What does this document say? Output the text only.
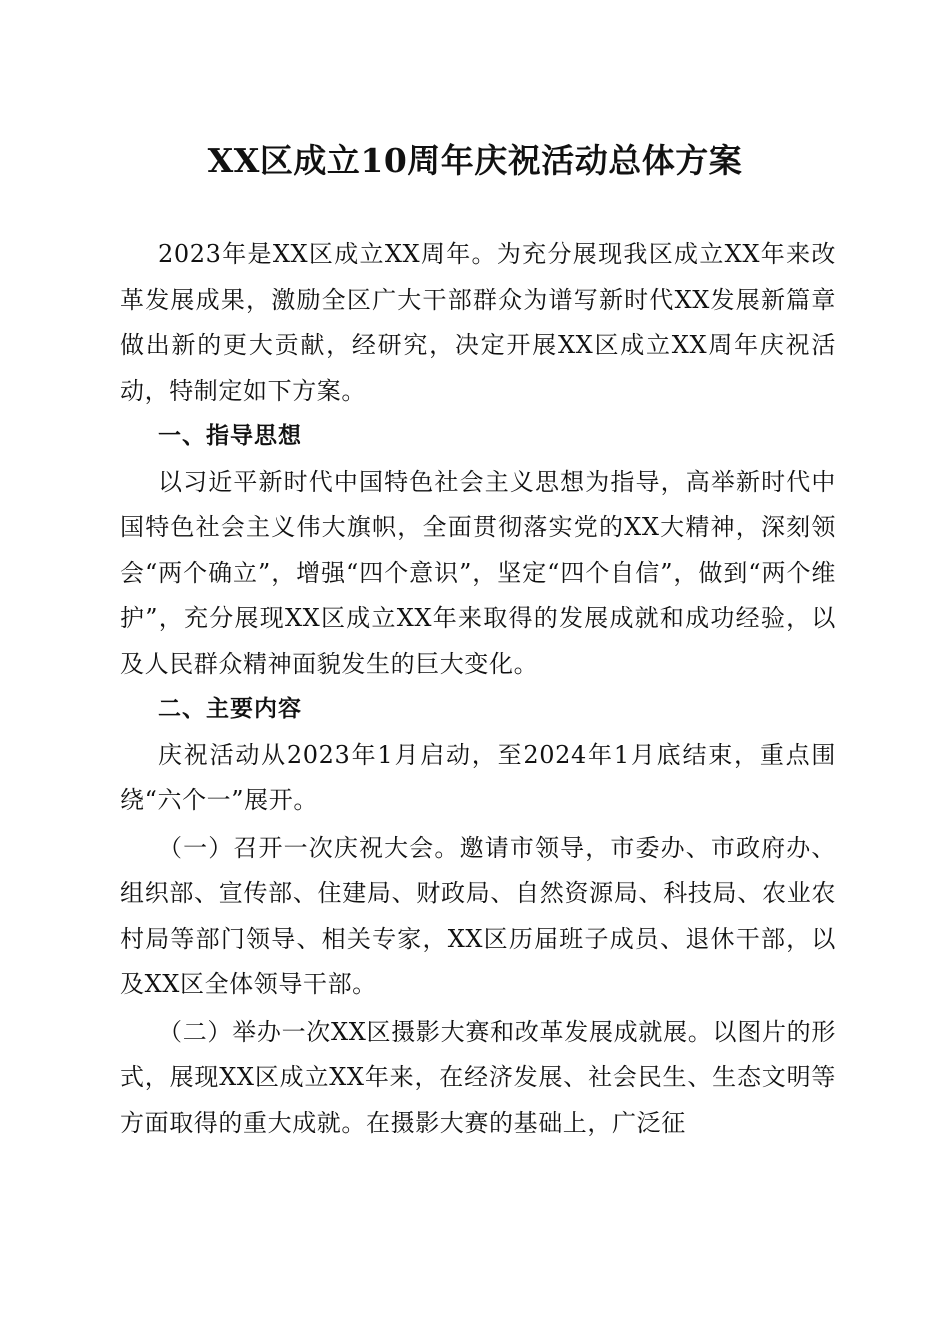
XX区成立10周年庆祝活动总体方案

2023年是XX区成立XX周年。为充分展现我区成立XX年来改革发展成果，激励全区广大干部群众为谱写新时代XX发展新篇章做出新的更大贡献，经研究，决定开展XX区成立XX周年庆祝活动，特制定如下方案。

一、指导思想

以习近平新时代中国特色社会主义思想为指导，高举新时代中国特色社会主义伟大旗帜，全面贯彻落实党的XX大精神，深刻领会“两个确立”，增强“四个意识”，坚定“四个自信”，做到“两个维护”，充分展现XX区成立XX年来取得的发展成就和成功经验，以及人民群众精神面貌发生的巨大变化。

二、主要内容

庆祝活动从2023年1月启动，至2024年1月底结束，重点围绕“六个一”展开。

（一）召开一次庆祝大会。邀请市领导，市委办、市政府办、组织部、宣传部、住建局、财政局、自然资源局、科技局、农业农村局等部门领导、相关专家，XX区历届班子成员、退休干部，以及XX区全体领导干部。

（二）举办一次XX区摄影大赛和改革发展成就展。以图片的形式，展现XX区成立XX年来，在经济发展、社会民生、生态文明等方面取得的重大成就。在摄影大赛的基础上，广泛征
